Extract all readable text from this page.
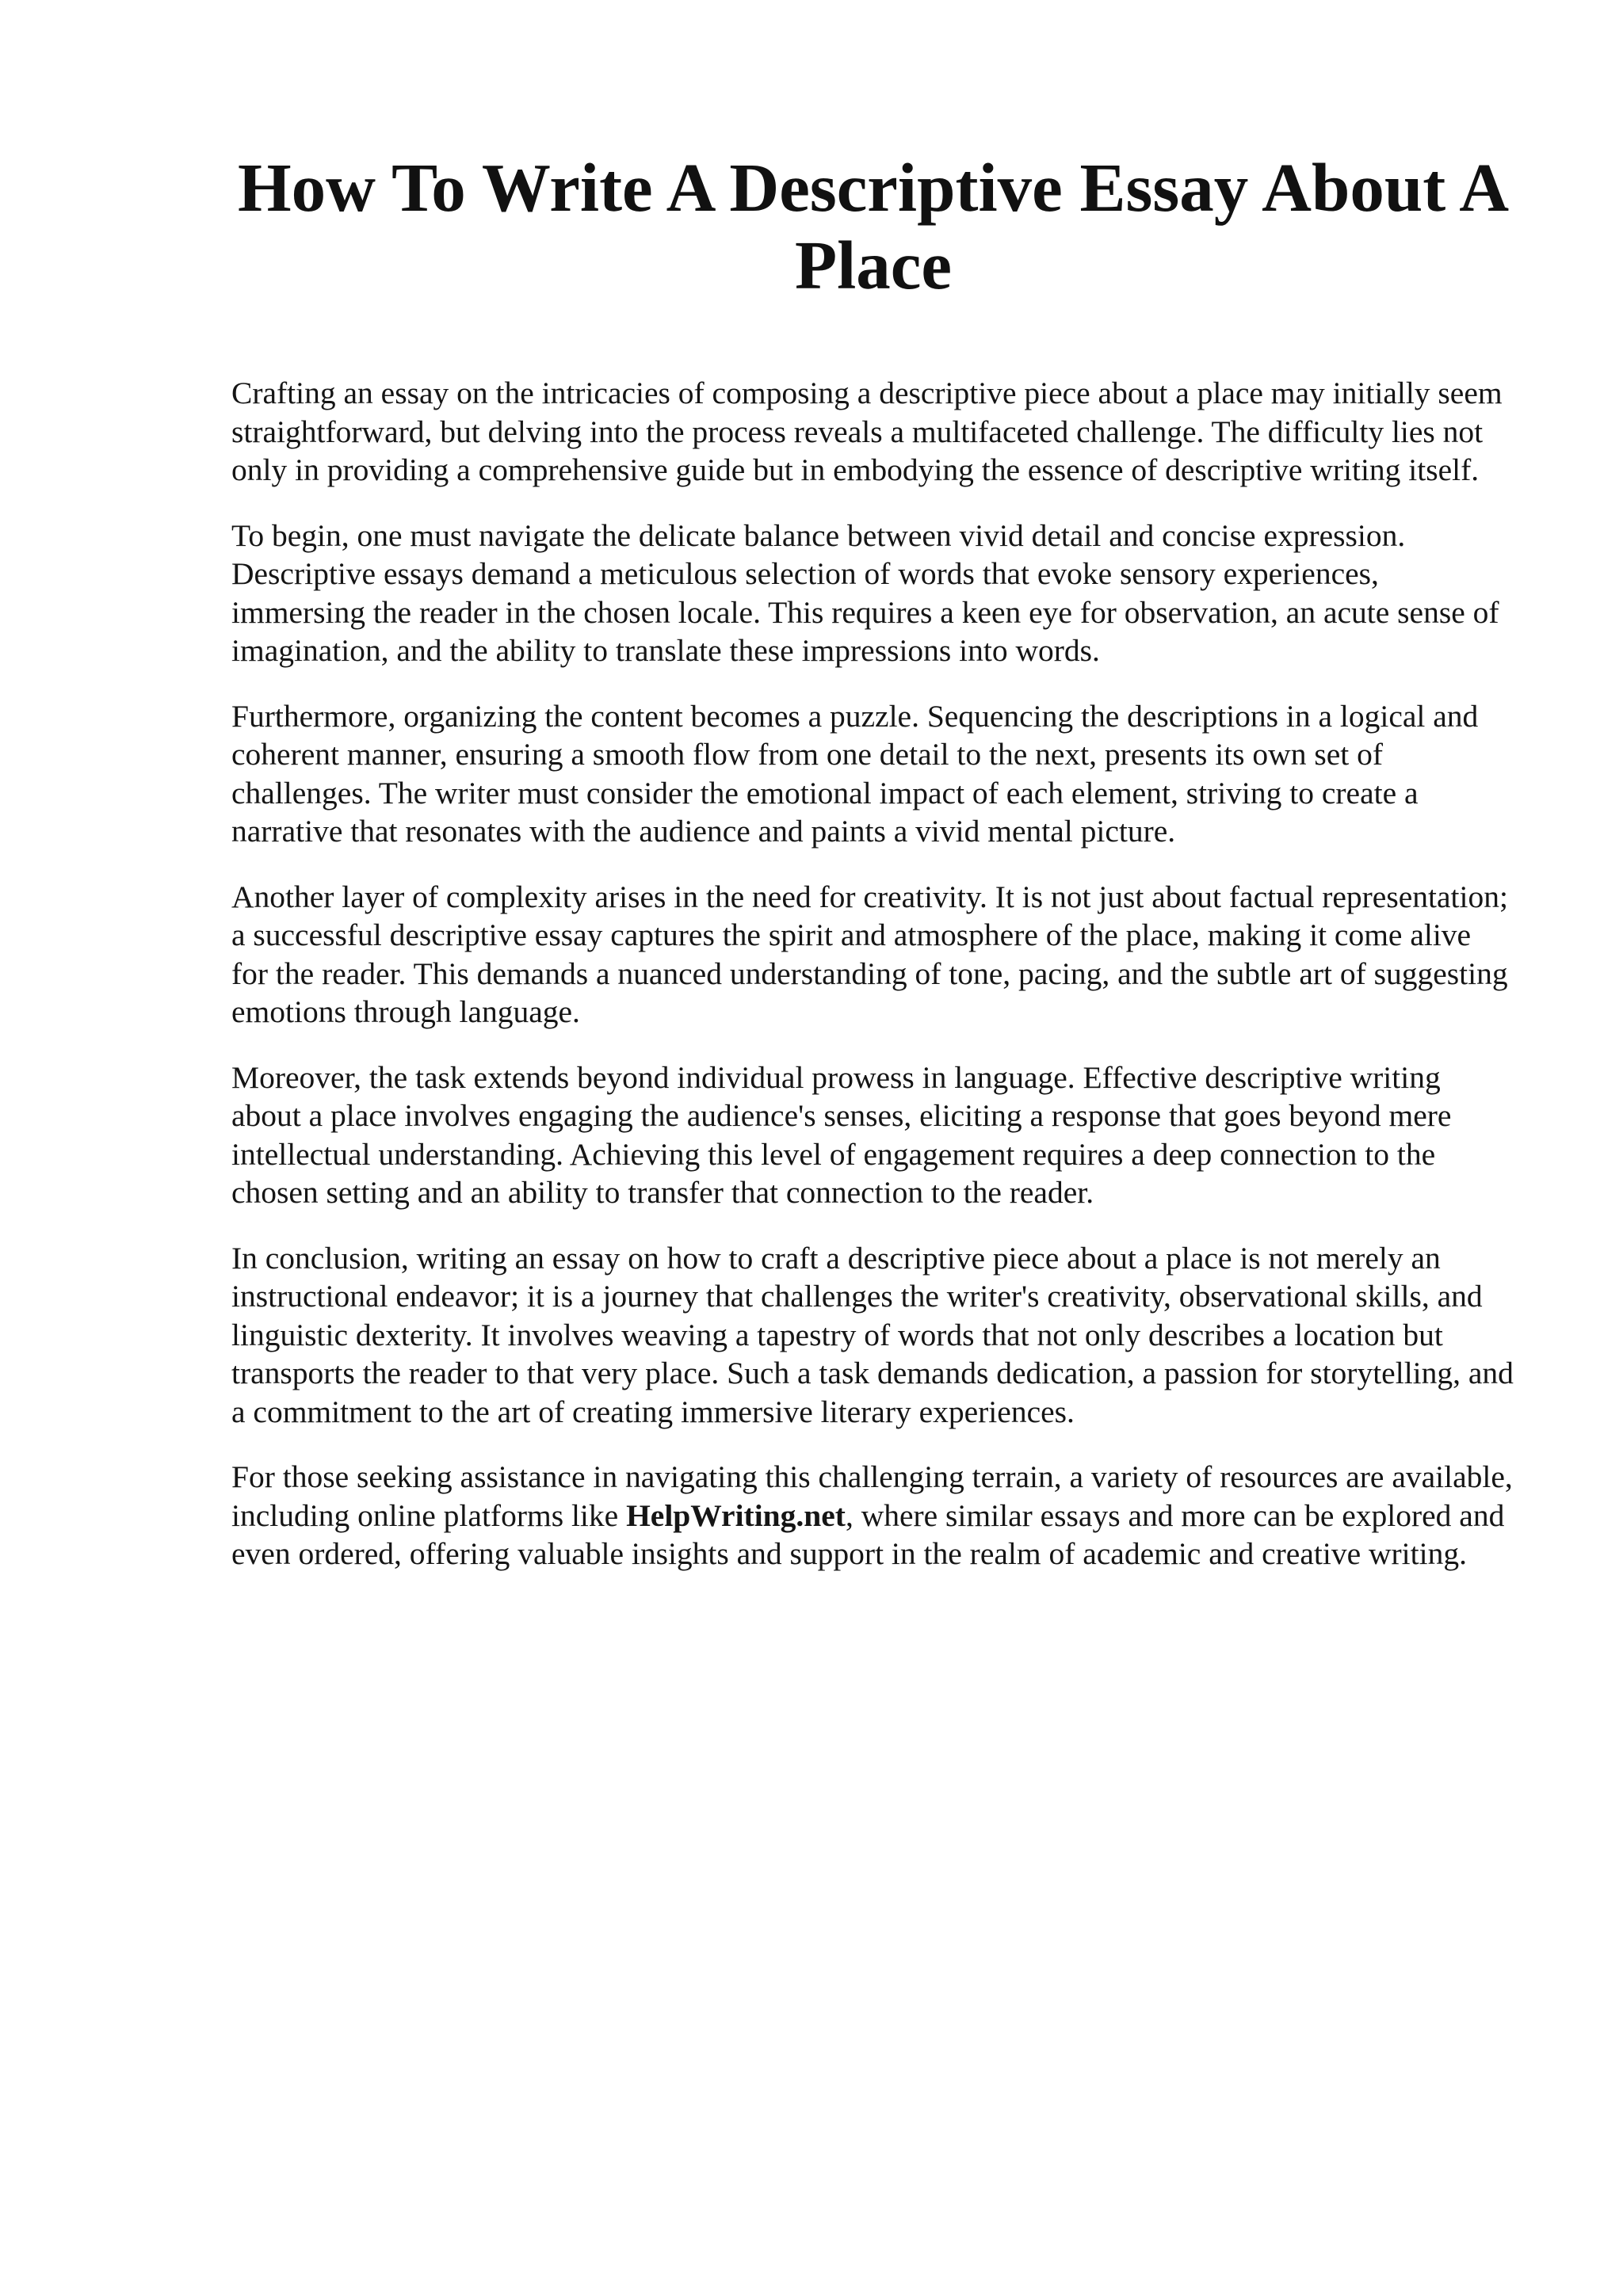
How To Write A Descriptive Essay About A Place

Crafting an essay on the intricacies of composing a descriptive piece about a place may initially seem straightforward, but delving into the process reveals a multifaceted challenge. The difficulty lies not only in providing a comprehensive guide but in embodying the essence of descriptive writing itself.

To begin, one must navigate the delicate balance between vivid detail and concise expression. Descriptive essays demand a meticulous selection of words that evoke sensory experiences, immersing the reader in the chosen locale. This requires a keen eye for observation, an acute sense of imagination, and the ability to translate these impressions into words.

Furthermore, organizing the content becomes a puzzle. Sequencing the descriptions in a logical and coherent manner, ensuring a smooth flow from one detail to the next, presents its own set of challenges. The writer must consider the emotional impact of each element, striving to create a narrative that resonates with the audience and paints a vivid mental picture.

Another layer of complexity arises in the need for creativity. It is not just about factual representation; a successful descriptive essay captures the spirit and atmosphere of the place, making it come alive for the reader. This demands a nuanced understanding of tone, pacing, and the subtle art of suggesting emotions through language.

Moreover, the task extends beyond individual prowess in language. Effective descriptive writing about a place involves engaging the audience's senses, eliciting a response that goes beyond mere intellectual understanding. Achieving this level of engagement requires a deep connection to the chosen setting and an ability to transfer that connection to the reader.

In conclusion, writing an essay on how to craft a descriptive piece about a place is not merely an instructional endeavor; it is a journey that challenges the writer's creativity, observational skills, and linguistic dexterity. It involves weaving a tapestry of words that not only describes a location but transports the reader to that very place. Such a task demands dedication, a passion for storytelling, and a commitment to the art of creating immersive literary experiences.

For those seeking assistance in navigating this challenging terrain, a variety of resources are available, including online platforms like HelpWriting.net, where similar essays and more can be explored and even ordered, offering valuable insights and support in the realm of academic and creative writing.
